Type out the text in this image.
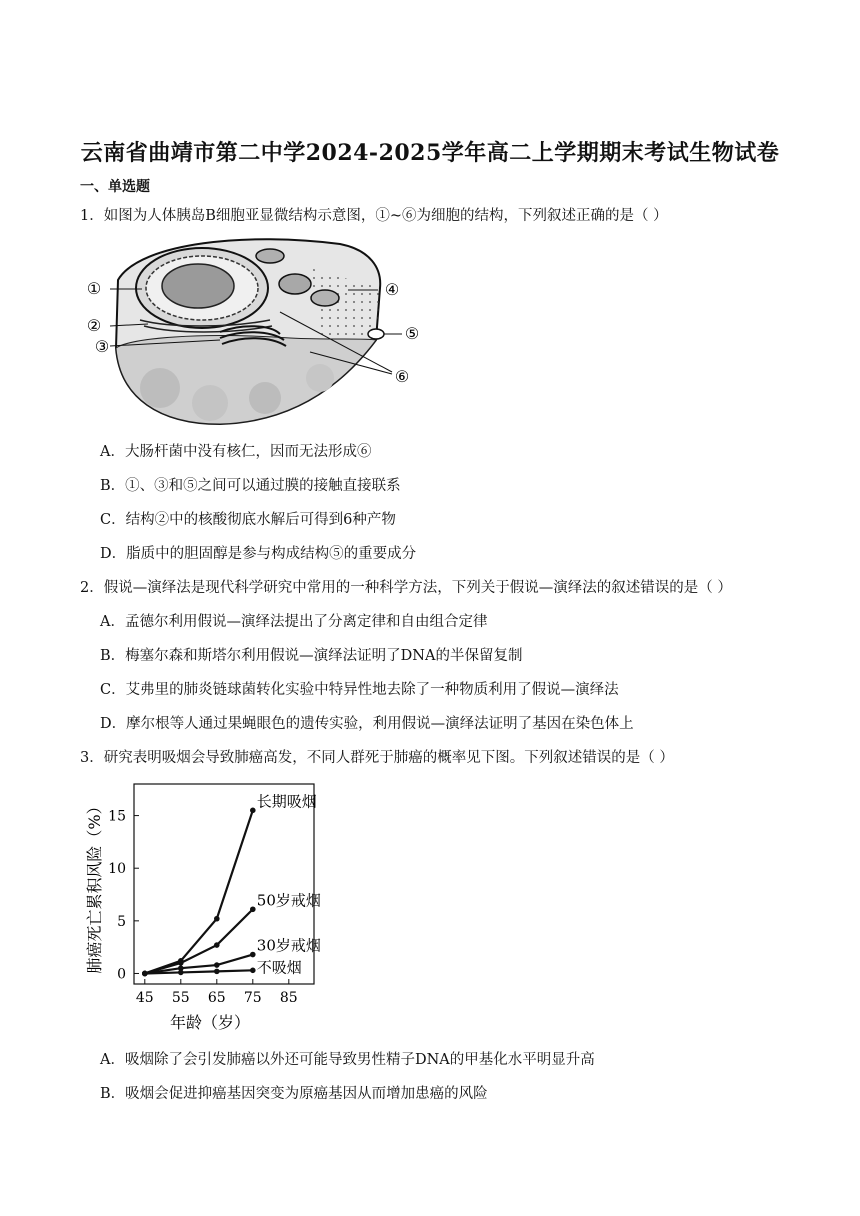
云南省曲靖市第二中学2024-2025学年高二上学期期末考试生物试卷
一、单选题
1．如图为人体胰岛B细胞亚显微结构示意图，①~⑥为细胞的结构，下列叙述正确的是（ ）
①
②
③
④
⑤
⑥
A．大肠杆菌中没有核仁，因而无法形成⑥
B．①、③和⑤之间可以通过膜的接触直接联系
C．结构②中的核酸彻底水解后可得到6种产物
D．脂质中的胆固醇是参与构成结构⑤的重要成分
2．假说—演绎法是现代科学研究中常用的一种科学方法，下列关于假说—演绎法的叙述错误的是（ ）
A．孟德尔利用假说—演绎法提出了分离定律和自由组合定律
B．梅塞尔森和斯塔尔利用假说—演绎法证明了DNA的半保留复制
C．艾弗里的肺炎链球菌转化实验中特异性地去除了一种物质利用了假说—演绎法
D．摩尔根等人通过果蝇眼色的遗传实验，利用假说—演绎法证明了基因在染色体上
3．研究表明吸烟会导致肺癌高发，不同人群死于肺癌的概率见下图。下列叙述错误的是（ ）
45 55 65 75 85
0
5
10
15
长期吸烟
50岁戒烟
30岁戒烟
不吸烟
肺癌死亡累积风险（%）
年龄（岁）
A．吸烟除了会引发肺癌以外还可能导致男性精子DNA的甲基化水平明显升高
B．吸烟会促进抑癌基因突变为原癌基因从而增加患癌的风险
